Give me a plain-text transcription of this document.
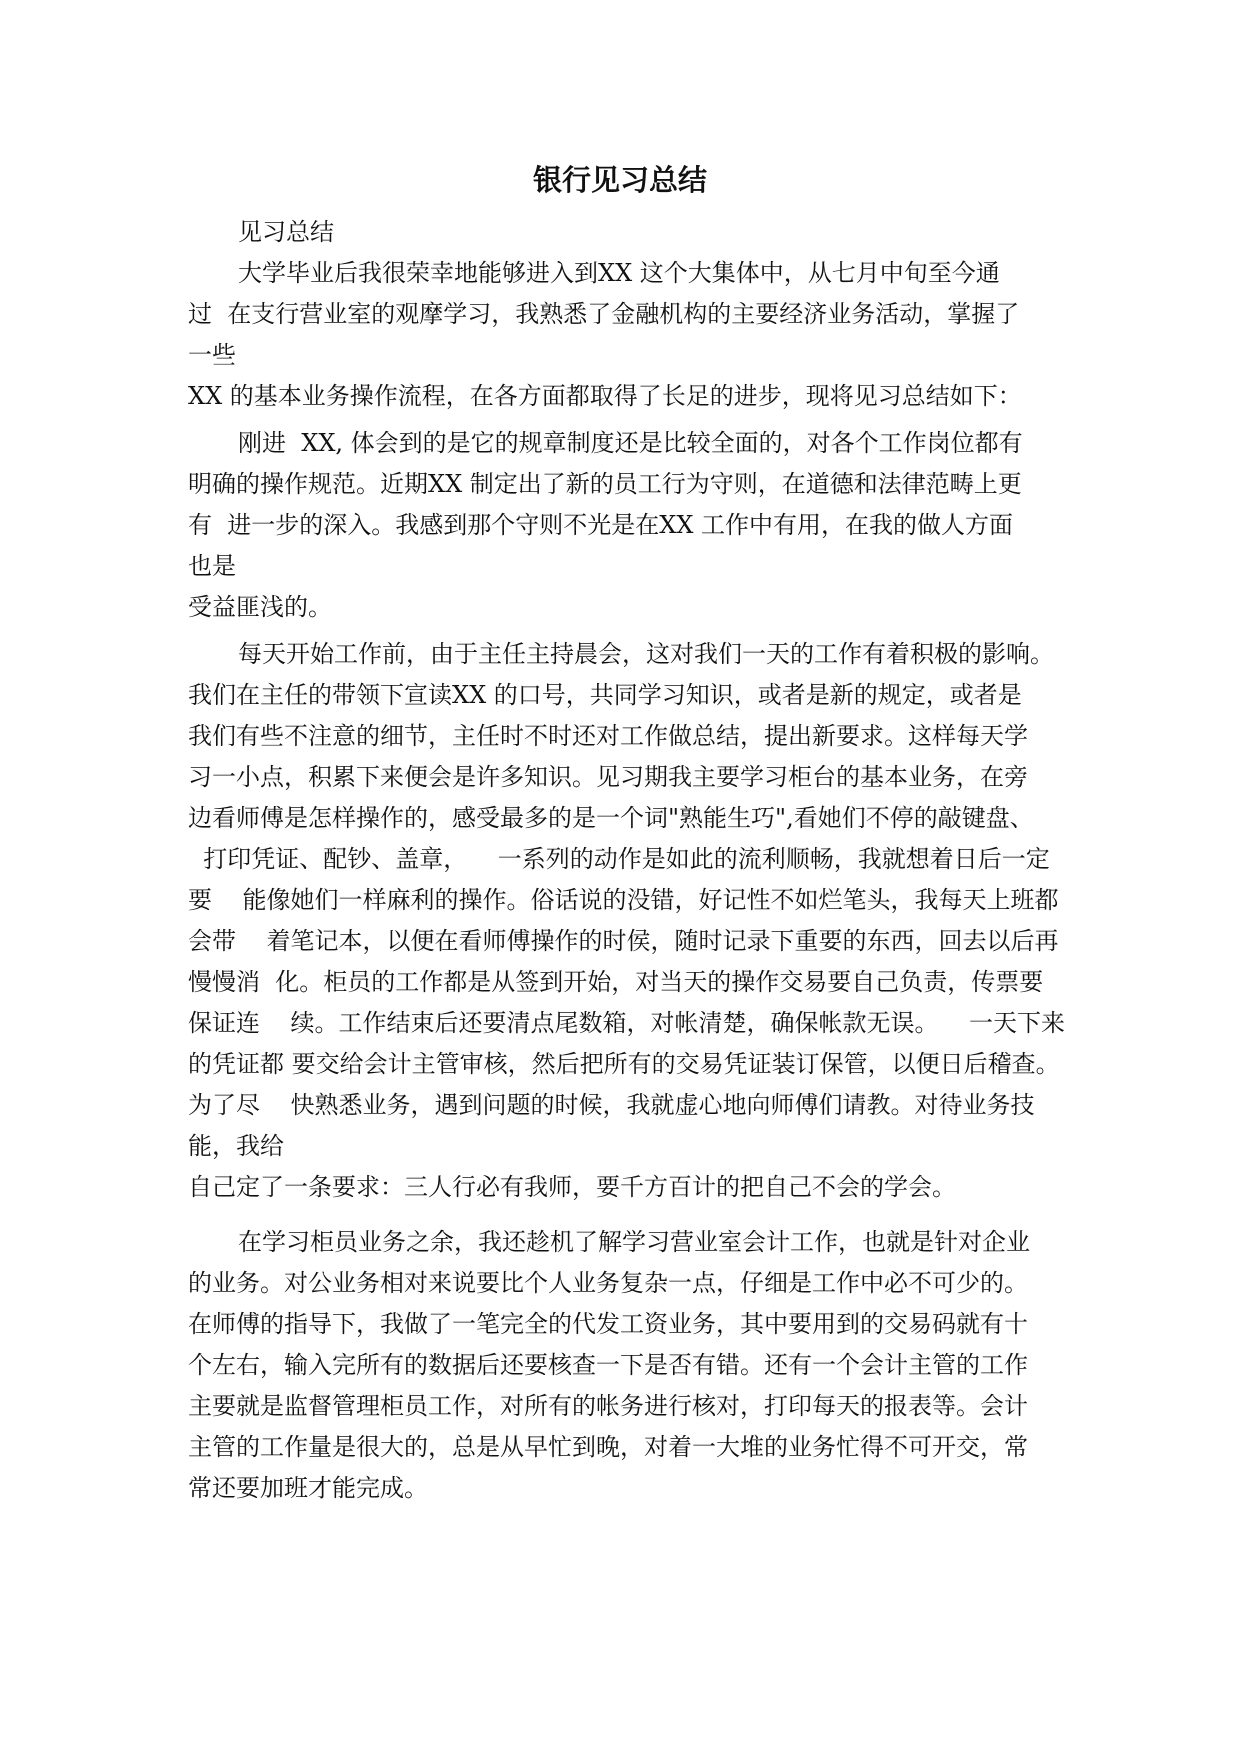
银行见习总结

见习总结

大学毕业后我很荣幸地能够进入到XX 这个大集体中，从七月中旬至今通

过  在支行营业室的观摩学习，我熟悉了金融机构的主要经济业务活动，掌握了

一些

XX 的基本业务操作流程，在各方面都取得了长足的进步，现将见习总结如下：

刚进  XX, 体会到的是它的规章制度还是比较全面的，对各个工作岗位都有

明确的操作规范。近期XX 制定出了新的员工行为守则，在道德和法律范畴上更

有  进一步的深入。我感到那个守则不光是在XX 工作中有用，在我的做人方面

也是

受益匪浅的。

每天开始工作前，由于主任主持晨会，这对我们一天的工作有着积极的影响。

我们在主任的带领下宣读XX 的口号，共同学习知识，或者是新的规定，或者是

我们有些不注意的细节，主任时不时还对工作做总结，提出新要求。这样每天学

习一小点，积累下来便会是许多知识。见习期我主要学习柜台的基本业务，在旁

边看师傅是怎样操作的，感受最多的是一个词"熟能生巧",看她们不停的敲键盘、

打印凭证、配钞、盖章，    一系列的动作是如此的流利顺畅，我就想着日后一定

要    能像她们一样麻利的操作。俗话说的没错，好记性不如烂笔头，我每天上班都

会带    着笔记本，以便在看师傅操作的时侯，随时记录下重要的东西，回去以后再

慢慢消  化。柜员的工作都是从签到开始，对当天的操作交易要自己负责，传票要

保证连    续。工作结束后还要清点尾数箱，对帐清楚，确保帐款无误。    一天下来

的凭证都 要交给会计主管审核，然后把所有的交易凭证装订保管，以便日后稽查。

为了尽    快熟悉业务，遇到问题的时候，我就虚心地向师傅们请教。对待业务技

能，我给

自己定了一条要求：三人行必有我师，要千方百计的把自己不会的学会。

在学习柜员业务之余，我还趁机了解学习营业室会计工作，也就是针对企业

的业务。对公业务相对来说要比个人业务复杂一点，仔细是工作中必不可少的。

在师傅的指导下，我做了一笔完全的代发工资业务，其中要用到的交易码就有十

个左右，输入完所有的数据后还要核查一下是否有错。还有一个会计主管的工作

主要就是监督管理柜员工作，对所有的帐务进行核对，打印每天的报表等。会计

主管的工作量是很大的，总是从早忙到晚，对着一大堆的业务忙得不可开交，常

常还要加班才能完成。
